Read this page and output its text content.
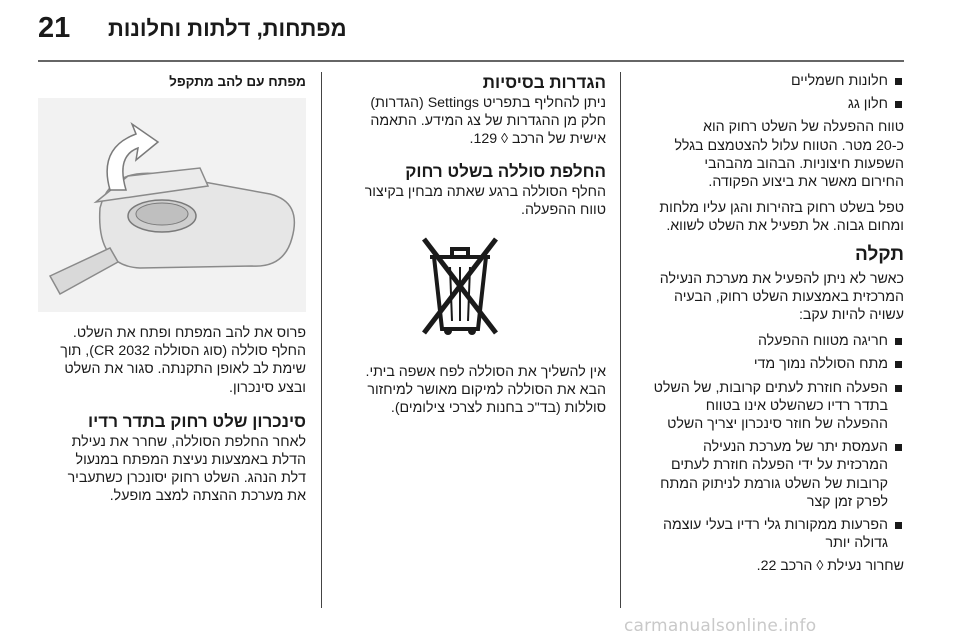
21 מפתחות, דלתות וחלונות

חלונות חשמליים

חלון גג

טווח ההפעלה של השלט רחוק הוא

כ-20 מטר. הטווח עלול להצטמצם בגלל

השפעות חיצוניות. הבהוב מהבהבי

החירום מאשר את ביצוע הפקודה.

טפל בשלט רחוק בזהירות והגן עליו מלחות

ומחום גבוה. אל תפעיל את השלט לשווא.

תקלה

כאשר לא ניתן להפעיל את מערכת הנעילה

המרכזית באמצעות השלט רחוק, הבעיה

עשויה להיות עקב:

חריגה מטווח ההפעלה

מתח הסוללה נמוך מדי

הפעלה חוזרת לעתים קרובות, של השלט

בתדר רדיו כשהשלט אינו בטווח

ההפעלה של חוזר סינכרון יצריך השלט

העמסת יתר של מערכת הנעילה

המרכזית על ידי הפעלה חוזרת לעתים

קרובות של השלט גורמת לניתוק המתח

לפרק זמן קצר

הפרעות ממקורות גלי רדיו בעלי עוצמה

גדולה יותר

שחרור נעילת ◊ הרכב 22.

הגדרות בסיסיות

ניתן להחליף בתפריט Settings (הגדרות)

חלק מן ההגדרות של צג המידע. התאמה

אישית של הרכב ◊ 129.

החלפת סוללה בשלט רחוק

החלף הסוללה ברגע שאתה מבחין בקיצור

טווח ההפעלה.

אין להשליך את הסוללה לפח אשפה ביתי.

הבא את הסוללה למיקום מאושר למיחזור

סוללות (בד"כ בחנות לצרכי צילומים).

מפתח עם להב מתקפל

פרוס את להב המפתח ופתח את השלט.

החלף סוללה (סוג הסוללה CR 2032), תוך

שימת לב לאופן התקנתה. סגור את השלט

ובצע סינכרון.

סינכרון שלט רחוק בתדר רדיו

לאחר החלפת הסוללה, שחרר את נעילת

הדלת באמצעות נעיצת המפתח במנעול

דלת הנהג. השלט רחוק יסונכרן כשתעביר

את מערכת ההצתה למצב מופעל.

carmanualsonline.info
